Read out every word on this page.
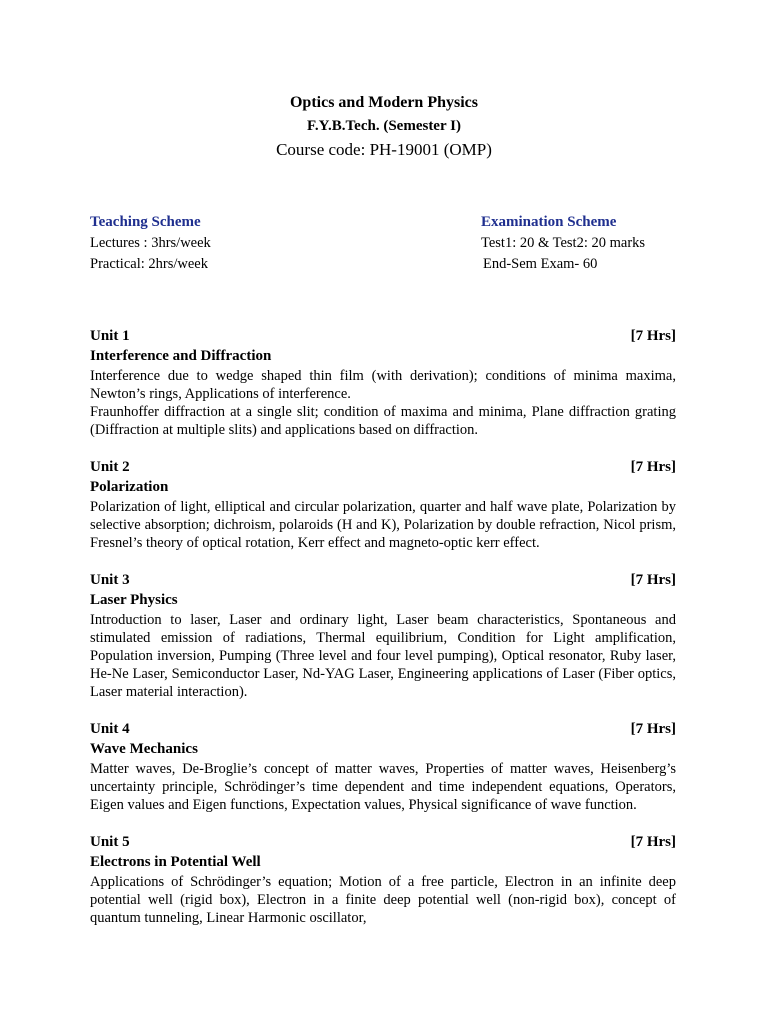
Optics and Modern Physics
F.Y.B.Tech. (Semester I)
Course code: PH-19001 (OMP)
Teaching Scheme
Lectures : 3hrs/week
Practical: 2hrs/week
Examination Scheme
Test1: 20 & Test2: 20 marks
End-Sem Exam- 60
Unit 1	[7 Hrs]
Interference and Diffraction

Interference due to wedge shaped thin film (with derivation); conditions of minima maxima, Newton’s rings, Applications of interference.

Fraunhoffer diffraction at a single slit; condition of maxima and minima, Plane diffraction grating (Diffraction at multiple slits) and applications based on diffraction.

Unit 2	[7 Hrs]
Polarization

Polarization of light, elliptical and circular polarization, quarter and half wave plate, Polarization by selective absorption; dichroism, polaroids (H and K), Polarization by double refraction, Nicol prism, Fresnel’s theory of optical rotation, Kerr effect and magneto-optic kerr effect.

Unit 3	[7 Hrs]
Laser Physics

Introduction to laser, Laser and ordinary light, Laser beam characteristics, Spontaneous and stimulated emission of radiations, Thermal equilibrium, Condition for Light amplification, Population inversion, Pumping (Three level and four level pumping), Optical resonator, Ruby laser, He-Ne Laser, Semiconductor Laser, Nd-YAG Laser, Engineering applications of Laser (Fiber optics, Laser material interaction).

Unit 4	[7 Hrs]
Wave Mechanics

Matter waves, De-Broglie’s concept of matter waves, Properties of matter waves, Heisenberg’s uncertainty principle, Schrödinger’s time dependent and time independent equations, Operators, Eigen values and Eigen functions, Expectation values, Physical significance of wave function.

Unit 5	[7 Hrs]
Electrons in Potential Well

Applications of Schrödinger’s equation; Motion of a free particle, Electron in an infinite deep potential well (rigid box), Electron in a finite deep potential well (non-rigid box), concept of quantum tunneling, Linear Harmonic oscillator,
